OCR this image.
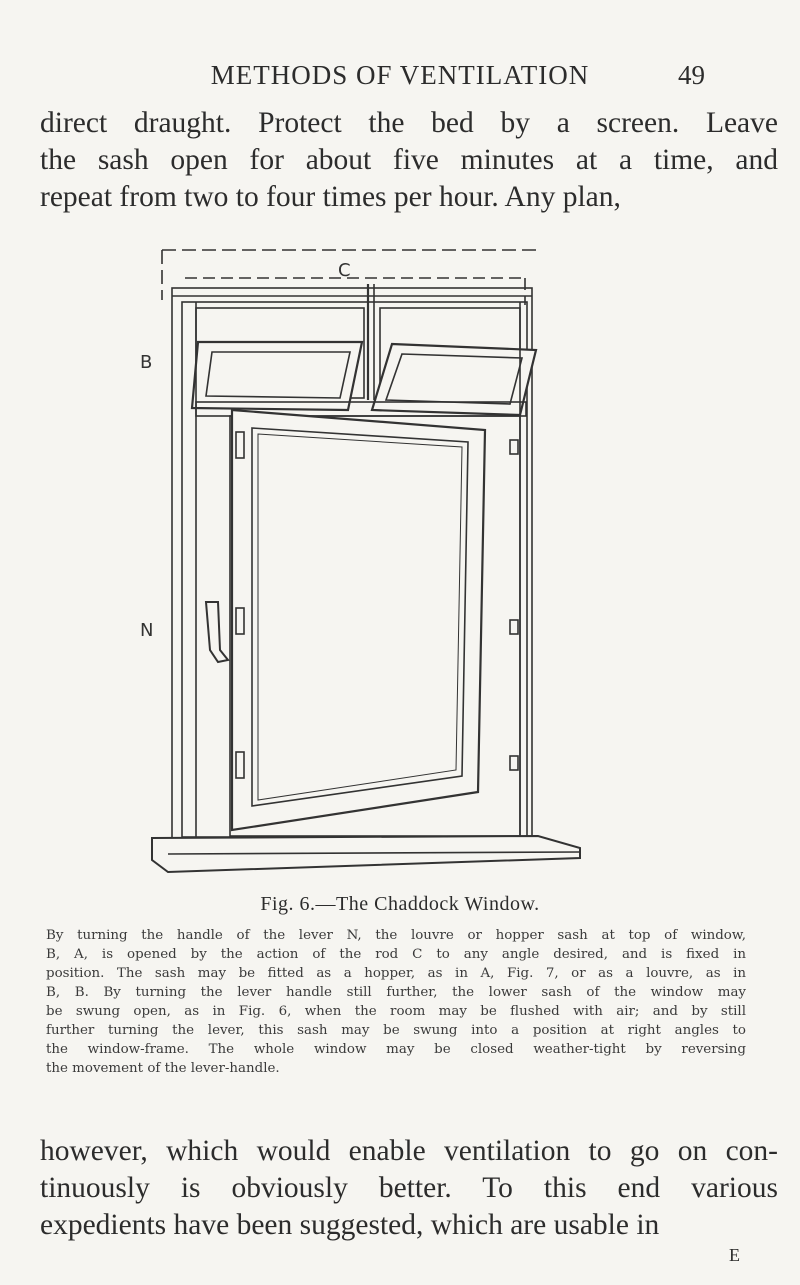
METHODS OF VENTILATION	49

direct draught. Protect the bed by a screen. Leave
the sash open for about five minutes at a time, and
repeat from two to four times per hour. Any plan,

C
B
N
Fig. 6.—The Chaddock Window.

By turning the handle of the lever N, the louvre or hopper sash at top of window,
B, A, is opened by the action of the rod C to any angle desired, and is fixed in
position. The sash may be fitted as a hopper, as in A, Fig. 7, or as a louvre, as in
B, B. By turning the lever handle still further, the lower sash of the window may
be swung open, as in Fig. 6, when the room may be flushed with air; and by still
further turning the lever, this sash may be swung into a position at right angles to
the window-frame. The whole window may be closed weather-tight by reversing
the movement of the lever-handle.

however, which would enable ventilation to go on con-
tinuously is obviously better. To this end various
expedients have been suggested, which are usable in

E
